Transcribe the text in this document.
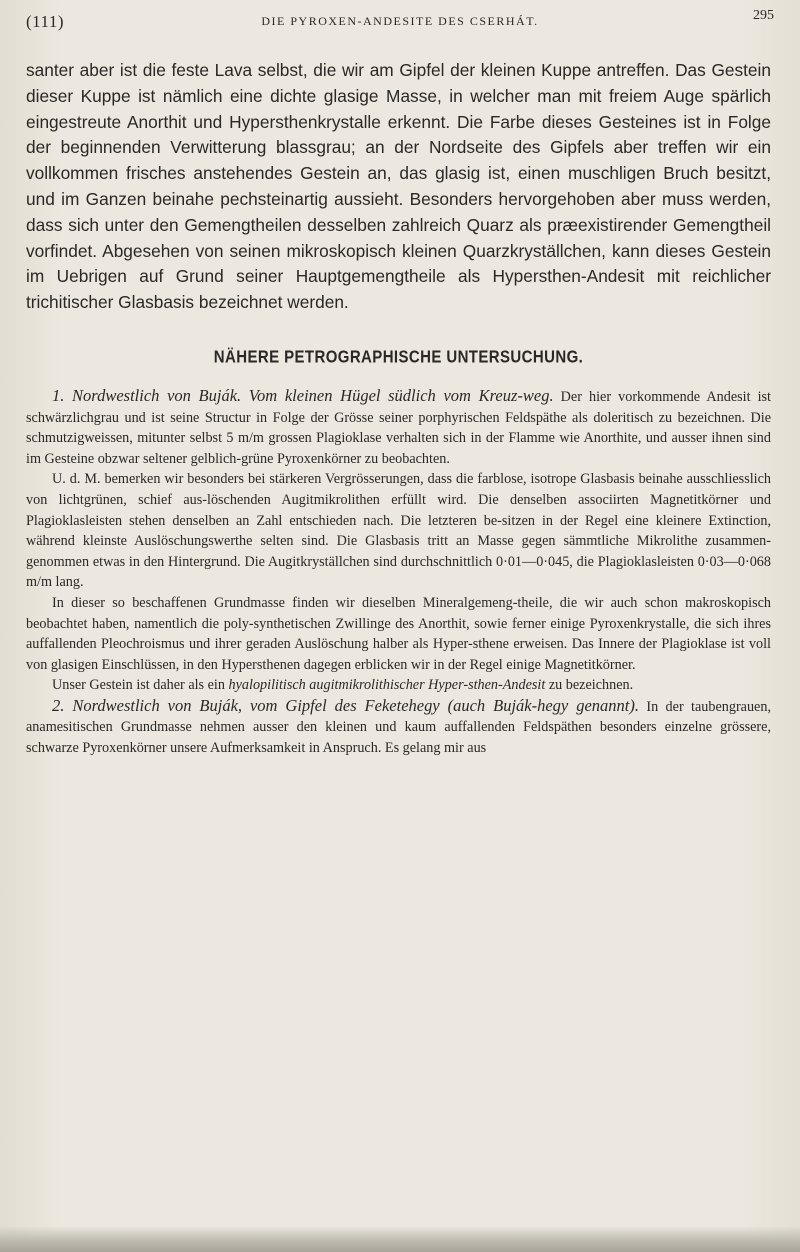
(111)	DIE PYROXEN-ANDESITE DES CSERHÁT.	295

santer aber ist die feste Lava selbst, die wir am Gipfel der kleinen Kuppe antreffen. Das Gestein dieser Kuppe ist nämlich eine dichte glasige Masse, in welcher man mit freiem Auge spärlich eingestreute Anorthit und Hypersthenkrystalle erkennt. Die Farbe dieses Gesteines ist in Folge der beginnenden Verwitterung blassgrau; an der Nordseite des Gipfels aber treffen wir ein vollkommen frisches anstehendes Gestein an, das glasig ist, einen muschligen Bruch besitzt, und im Ganzen beinahe pechsteinartig aussieht. Besonders hervorgehoben aber muss werden, dass sich unter den Gemengtheilen desselben zahlreich Quarz als præexistirender Gemengtheil vorfindet. Abgesehen von seinen mikroskopisch kleinen Quarzkryställchen, kann dieses Gestein im Uebrigen auf Grund seiner Hauptgemengtheile als Hypersthen-Andesit mit reichlicher trichitischer Glasbasis bezeichnet werden.

NÄHERE PETROGRAPHISCHE UNTERSUCHUNG.

1. Nordwestlich von Buják. Vom kleinen Hügel südlich vom Kreuz-weg. Der hier vorkommende Andesit ist schwärzlichgrau und ist seine Structur in Folge der Grösse seiner porphyrischen Feldspäthe als doleritisch zu bezeichnen. Die schmutzigweissen, mitunter selbst 5 m/m grossen Plagioklase verhalten sich in der Flamme wie Anorthite, und ausser ihnen sind im Gesteine obzwar seltener gelblich-grüne Pyroxenkörner zu beobachten.

U. d. M. bemerken wir besonders bei stärkeren Vergrösserungen, dass die farblose, isotrope Glasbasis beinahe ausschliesslich von lichtgrünen, schief aus-löschenden Augitmikrolithen erfüllt wird. Die denselben associirten Magnetitkörner und Plagioklasleisten stehen denselben an Zahl entschieden nach. Die letzteren be-sitzen in der Regel eine kleinere Extinction, während kleinste Auslöschungswerthe selten sind. Die Glasbasis tritt an Masse gegen sämmtliche Mikrolithe zusammen-genommen etwas in den Hintergrund. Die Augitkryställchen sind durchschnittlich 0·01—0·045, die Plagioklasleisten 0·03—0·068 m/m lang.

In dieser so beschaffenen Grundmasse finden wir dieselben Mineralgemeng-theile, die wir auch schon makroskopisch beobachtet haben, namentlich die poly-synthetischen Zwillinge des Anorthit, sowie ferner einige Pyroxenkrystalle, die sich ihres auffallenden Pleochroismus und ihrer geraden Auslöschung halber als Hyper-sthene erweisen. Das Innere der Plagioklase ist voll von glasigen Einschlüssen, in den Hypersthenen dagegen erblicken wir in der Regel einige Magnetitkörner.

Unser Gestein ist daher als ein hyalopilitisch augitmikrolithischer Hyper-sthen-Andesit zu bezeichnen.

2. Nordwestlich von Buják, vom Gipfel des Feketehegy (auch Buják-hegy genannt). In der taubengrauen, anamesitischen Grundmasse nehmen ausser den kleinen und kaum auffallenden Feldspäthen besonders einzelne grössere, schwarze Pyroxenkörner unsere Aufmerksamkeit in Anspruch. Es gelang mir aus
